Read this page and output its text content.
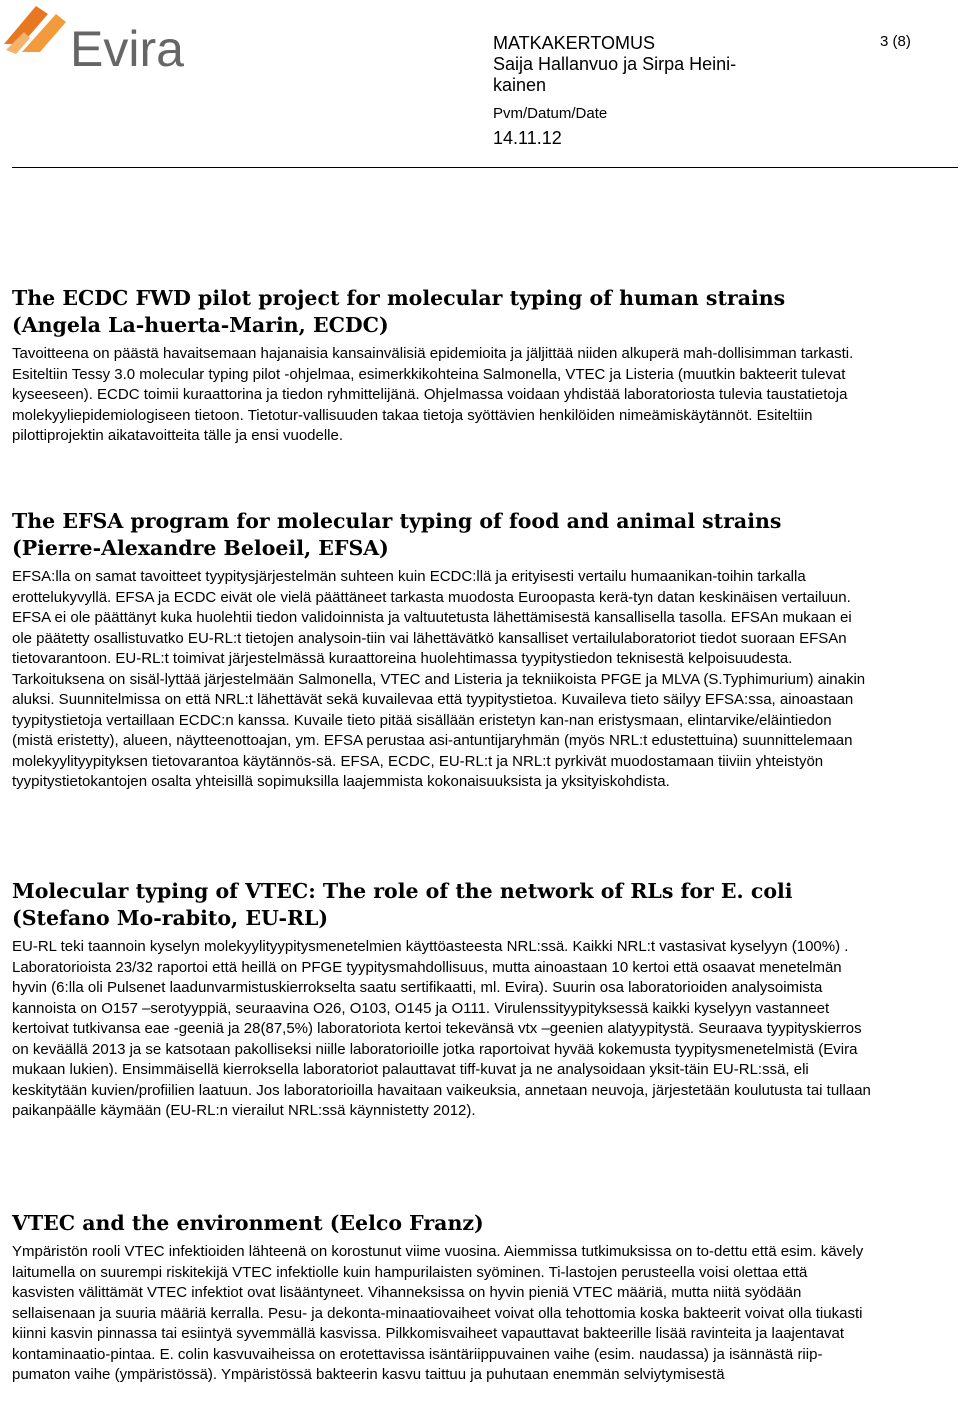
Evira	MATKAKERTOMUS
Saija Hallanvuo ja Sirpa Heini-kainen
Pvm/Datum/Date
14.11.12
3 (8)
The ECDC FWD pilot project for molecular typing of human strains (Angela La-huerta-Marin, ECDC)

Tavoitteena on päästä havaitsemaan hajanaisia kansainvälisiä epidemioita ja jäljittää niiden alkuperä mah-dollisimman tarkasti. Esiteltiin Tessy 3.0 molecular typing pilot -ohjelmaa, esimerkkikohteina Salmonella, VTEC ja Listeria (muutkin bakteerit tulevat kyseeseen). ECDC toimii kuraattorina ja tiedon ryhmittelijänä. Ohjelmassa voidaan yhdistää laboratoriosta tulevia taustatietoja molekyyliepidemiologiseen tietoon. Tietotur-vallisuuden takaa tietoja syöttävien henkilöiden nimeämiskäytännöt. Esiteltiin pilottiprojektin aikatavoitteita tälle ja ensi vuodelle.

The EFSA program for molecular typing of food and animal strains (Pierre-Alexandre Beloeil, EFSA)

EFSA:lla on samat tavoitteet tyypitysjärjestelmän suhteen kuin ECDC:llä ja erityisesti vertailu humaanikan-toihin tarkalla erottelukyvyllä. EFSA ja ECDC eivät ole vielä päättäneet tarkasta muodosta Euroopasta kerä-tyn datan keskinäisen vertailuun. EFSA ei ole päättänyt kuka huolehtii tiedon validoinnista ja valtuutetusta lähettämisestä kansallisella tasolla. EFSAn mukaan ei ole päätetty osallistuvatko EU-RL:t tietojen analysoin-tiin vai lähettävätkö kansalliset vertailulaboratoriot tiedot suoraan EFSAn tietovarantoon. EU-RL:t toimivat järjestelmässä kuraattoreina huolehtimassa tyypitystiedon teknisestä kelpoisuudesta. Tarkoituksena on sisäl-lyttää järjestelmään Salmonella, VTEC and Listeria ja tekniikoista PFGE ja MLVA (S.Typhimurium) ainakin aluksi. Suunnitelmissa on että NRL:t lähettävät sekä kuvailevaa että tyypitystietoa. Kuvaileva tieto säilyy EFSA:ssa, ainoastaan tyypitystietoja vertaillaan ECDC:n kanssa. Kuvaile tieto pitää sisällään eristetyn kan-nan eristysmaan, elintarvike/eläintiedon (mistä eristetty), alueen, näytteenottoajan, ym. EFSA perustaa asi-antuntijaryhmän (myös NRL:t edustettuina) suunnittelemaan molekyylityypityksen tietovarantoa käytännös-sä. EFSA, ECDC, EU-RL:t ja NRL:t pyrkivät muodostamaan tiiviin yhteistyön tyypitystietokantojen osalta yhteisillä sopimuksilla laajemmista kokonaisuuksista ja yksityiskohdista.

Molecular typing of VTEC: The role of the network of RLs for E. coli (Stefano Mo-rabito, EU-RL)

EU-RL teki taannoin kyselyn molekyylityypitysmenetelmien käyttöasteesta NRL:ssä. Kaikki NRL:t vastasivat kyselyyn (100%) . Laboratorioista 23/32 raportoi että heillä on PFGE tyypitysmahdollisuus, mutta ainoastaan 10 kertoi että osaavat menetelmän hyvin (6:lla oli Pulsenet laadunvarmistuskierrokselta saatu sertifikaatti, ml. Evira). Suurin osa laboratorioiden analysoimista kannoista on O157 –serotyyppiä, seuraavina O26, O103, O145 ja O111. Virulenssityypityksessä kaikki kyselyyn vastanneet kertoivat tutkivansa eae -geeniä ja 28(87,5%) laboratoriota kertoi tekevänsä vtx –geenien alatyypitystä. Seuraava tyypityskierros on keväällä 2013 ja se katsotaan pakolliseksi niille laboratorioille jotka raportoivat hyvää kokemusta tyypitysmenetelmistä (Evira mukaan lukien). Ensimmäisellä kierroksella laboratoriot palauttavat tiff-kuvat ja ne analysoidaan yksit-täin EU-RL:ssä, eli keskitytään kuvien/profiilien laatuun. Jos laboratorioilla havaitaan vaikeuksia, annetaan neuvoja, järjestetään koulutusta tai tullaan paikanpäälle käymään (EU-RL:n vierailut NRL:ssä käynnistetty 2012).

VTEC and the environment (Eelco Franz)

Ympäristön rooli VTEC infektioiden lähteenä on korostunut viime vuosina. Aiemmissa tutkimuksissa on to-dettu että esim. kävely laitumella on suurempi riskitekijä VTEC infektiolle kuin hampurilaisten syöminen. Ti-lastojen perusteella voisi olettaa että kasvisten välittämät VTEC infektiot ovat lisääntyneet. Vihanneksissa on hyvin pieniä VTEC määriä, mutta niitä syödään sellaisenaan ja suuria määriä kerralla. Pesu- ja dekonta-minaatiovaiheet voivat olla tehottomia koska bakteerit voivat olla tiukasti kiinni kasvin pinnassa tai esiintyä syvemmällä kasvissa. Pilkkomisvaiheet vapauttavat bakteerille lisää ravinteita ja laajentavat kontaminaatio-pintaa. E. colin kasvuvaiheissa on erotettavissa isäntäriippuvainen vaihe (esim. naudassa) ja isännästä riip-pumaton vaihe (ympäristössä). Ympäristössä bakteerin kasvu taittuu ja puhutaan enemmän selviytymisestä
